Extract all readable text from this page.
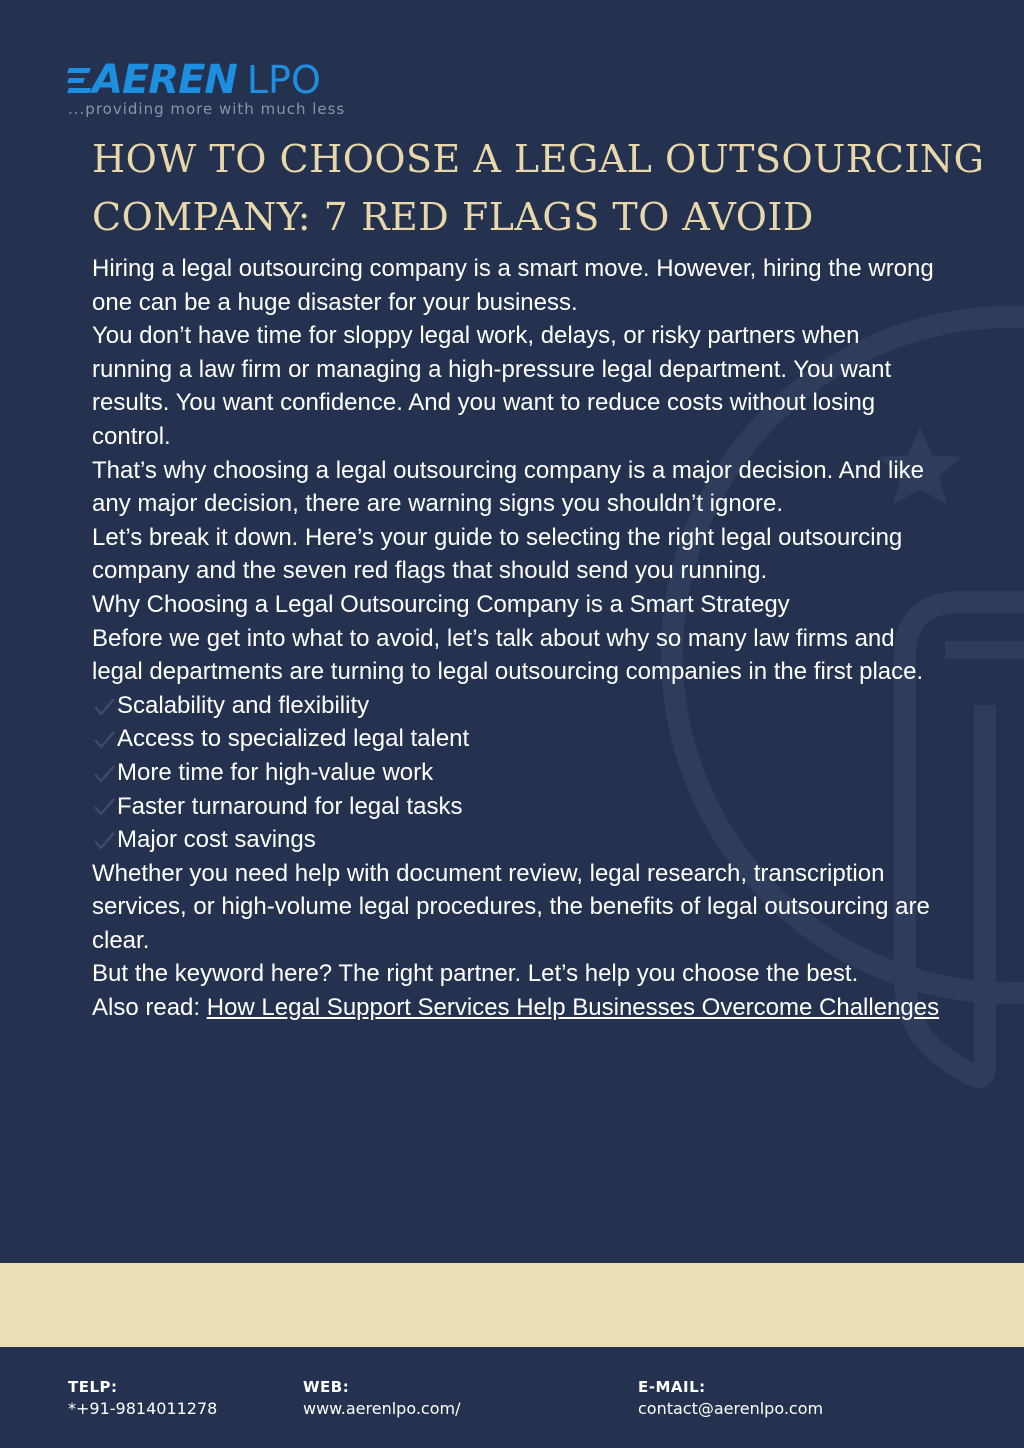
AEREN LPO
...providing more with much less
HOW TO CHOOSE A LEGAL OUTSOURCING
COMPANY: 7 RED FLAGS TO AVOID

Hiring a legal outsourcing company is a smart move. However, hiring the wrong one can be a huge disaster for your business.

You don’t have time for sloppy legal work, delays, or risky partners when running a law firm or managing a high-pressure legal department. You want results. You want confidence. And you want to reduce costs without losing control.

That’s why choosing a legal outsourcing company is a major decision. And like any major decision, there are warning signs you shouldn’t ignore.

Let’s break it down. Here’s your guide to selecting the right legal outsourcing company and the seven red flags that should send you running.

Why Choosing a Legal Outsourcing Company is a Smart Strategy

Before we get into what to avoid, let’s talk about why so many law firms and legal departments are turning to legal outsourcing companies in the first place.

Scalability and flexibility
Access to specialized legal talent
More time for high-value work
Faster turnaround for legal tasks
Major cost savings

Whether you need help with document review, legal research, transcription services, or high-volume legal procedures, the benefits of legal outsourcing are clear.

But the keyword here? The right partner. Let’s help you choose the best.

Also read: How Legal Support Services Help Businesses Overcome Challenges

TELP:
*+91-9814011278
WEB:
www.aerenlpo.com/
E-MAIL:
contact@aerenlpo.com
